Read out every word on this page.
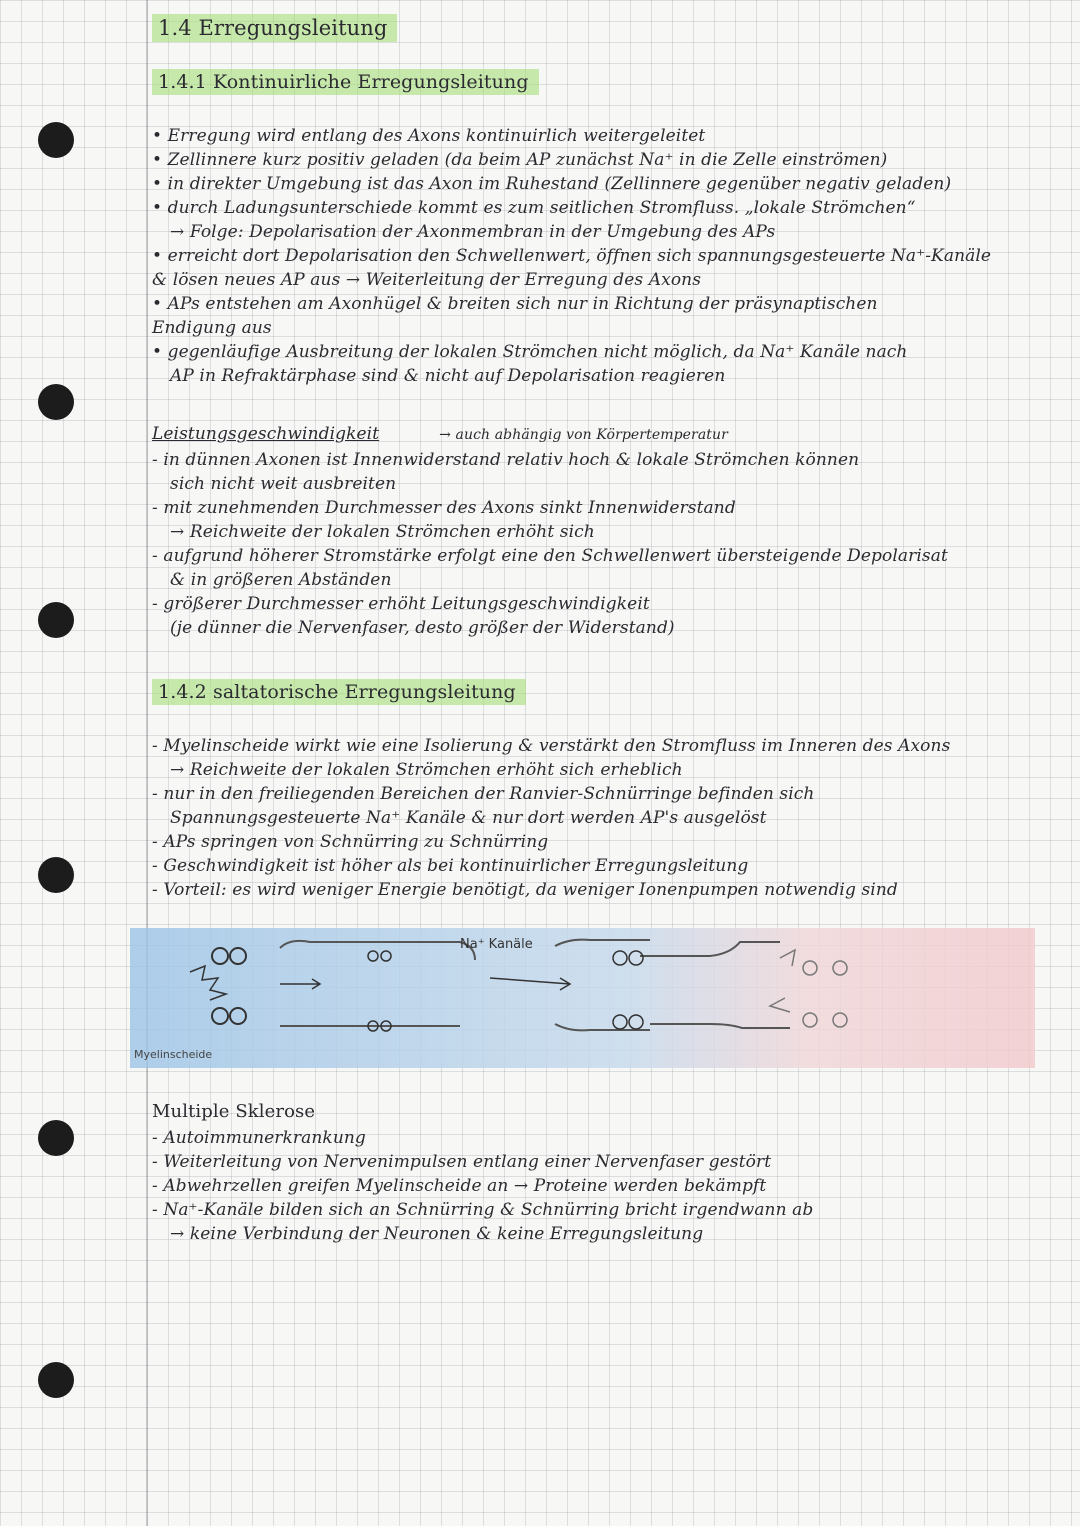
1.4 Erregungsleitung
1.4.1 Kontinuirliche Erregungsleitung
• Erregung wird entlang des Axons kontinuirlich weitergeleitet
• Zellinnere kurz positiv geladen (da beim AP zunächst Na⁺ in die Zelle einströmen)
• in direkter Umgebung ist das Axon im Ruhestand (Zellinnere gegenüber negativ geladen)
• durch Ladungsunterschiede kommt es zum seitlichen Stromfluss. „lokale Strömchen“
→ Folge: Depolarisation der Axonmembran in der Umgebung des APs
• erreicht dort Depolarisation den Schwellenwert, öffnen sich spannungsgesteuerte Na⁺-Kanäle
& lösen neues AP aus → Weiterleitung der Erregung des Axons
• APs entstehen am Axonhügel & breiten sich nur in Richtung der präsynaptischen
Endigung aus
• gegenläufige Ausbreitung der lokalen Strömchen nicht möglich, da Na⁺ Kanäle nach
AP in Refraktärphase sind & nicht auf Depolarisation reagieren
Leistungsgeschwindigkeit	→ auch abhängig von Körpertemperatur
- in dünnen Axonen ist Innenwiderstand relativ hoch & lokale Strömchen können
sich nicht weit ausbreiten
- mit zunehmenden Durchmesser des Axons sinkt Innenwiderstand
→ Reichweite der lokalen Strömchen erhöht sich
- aufgrund höherer Stromstärke erfolgt eine den Schwellenwert übersteigende Depolarisat
& in größeren Abständen
- größerer Durchmesser erhöht Leitungsgeschwindigkeit
(je dünner die Nervenfaser, desto größer der Widerstand)
1.4.2 saltatorische Erregungsleitung
- Myelinscheide wirkt wie eine Isolierung & verstärkt den Stromfluss im Inneren des Axons
→ Reichweite der lokalen Strömchen erhöht sich erheblich
- nur in den freiliegenden Bereichen der Ranvier-Schnürringe befinden sich
Spannungsgesteuerte Na⁺ Kanäle & nur dort werden AP's ausgelöst
- APs springen von Schnürring zu Schnürring
- Geschwindigkeit ist höher als bei kontinuirlicher Erregungsleitung
- Vorteil: es wird weniger Energie benötigt, da weniger Ionenpumpen notwendig sind
Na⁺ Kanäle
Myelinscheide
Multiple Sklerose
- Autoimmunerkrankung
- Weiterleitung von Nervenimpulsen entlang einer Nervenfaser gestört
- Abwehrzellen greifen Myelinscheide an → Proteine werden bekämpft
- Na⁺-Kanäle bilden sich an Schnürring & Schnürring bricht irgendwann ab
→ keine Verbindung der Neuronen & keine Erregungsleitung
